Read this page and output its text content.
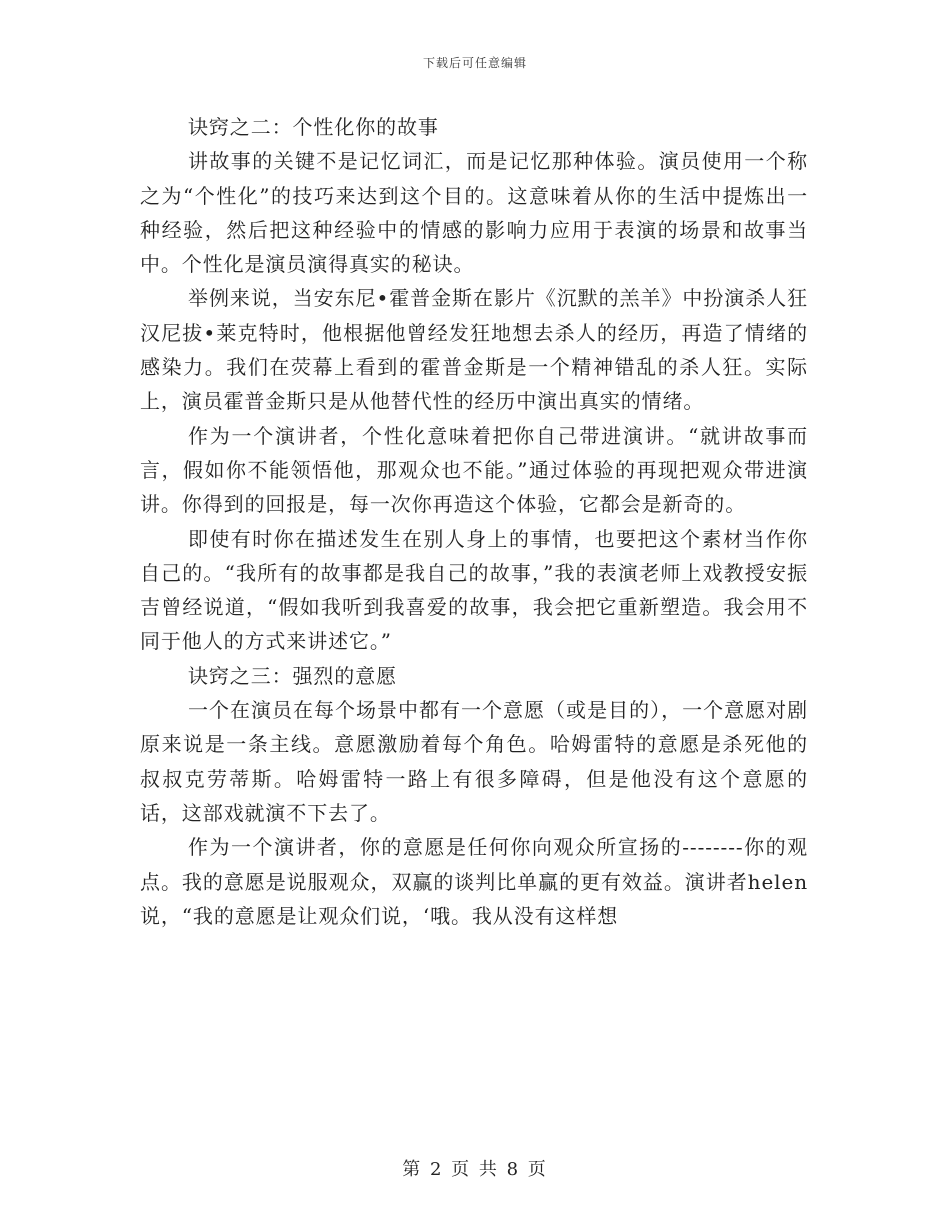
下载后可任意编辑

诀窍之二：个性化你的故事

讲故事的关键不是记忆词汇，而是记忆那种体验。演员使用一个称之为“个性化”的技巧来达到这个目的。这意味着从你的生活中提炼出一种经验，然后把这种经验中的情感的影响力应用于表演的场景和故事当中。个性化是演员演得真实的秘诀。

举例来说，当安东尼•霍普金斯在影片《沉默的羔羊》中扮演杀人狂汉尼拔•莱克特时，他根据他曾经发狂地想去杀人的经历，再造了情绪的感染力。我们在荧幕上看到的霍普金斯是一个精神错乱的杀人狂。实际上，演员霍普金斯只是从他替代性的经历中演出真实的情绪。

作为一个演讲者，个性化意味着把你自己带进演讲。“就讲故事而言，假如你不能领悟他，那观众也不能。”通过体验的再现把观众带进演讲。你得到的回报是，每一次你再造这个体验，它都会是新奇的。

即使有时你在描述发生在别人身上的事情，也要把这个素材当作你自己的。“我所有的故事都是我自己的故事，”我的表演老师上戏教授安振吉曾经说道，“假如我听到我喜爱的故事，我会把它重新塑造。我会用不同于他人的方式来讲述它。”

诀窍之三：强烈的意愿

一个在演员在每个场景中都有一个意愿（或是目的），一个意愿对剧原来说是一条主线。意愿激励着每个角色。哈姆雷特的意愿是杀死他的叔叔克劳蒂斯。哈姆雷特一路上有很多障碍，但是他没有这个意愿的话，这部戏就演不下去了。

作为一个演讲者，你的意愿是任何你向观众所宣扬的--------你的观点。我的意愿是说服观众，双赢的谈判比单赢的更有效益。演讲者helen说，“我的意愿是让观众们说，‘哦。我从没有这样想

第 2 页 共 8 页
